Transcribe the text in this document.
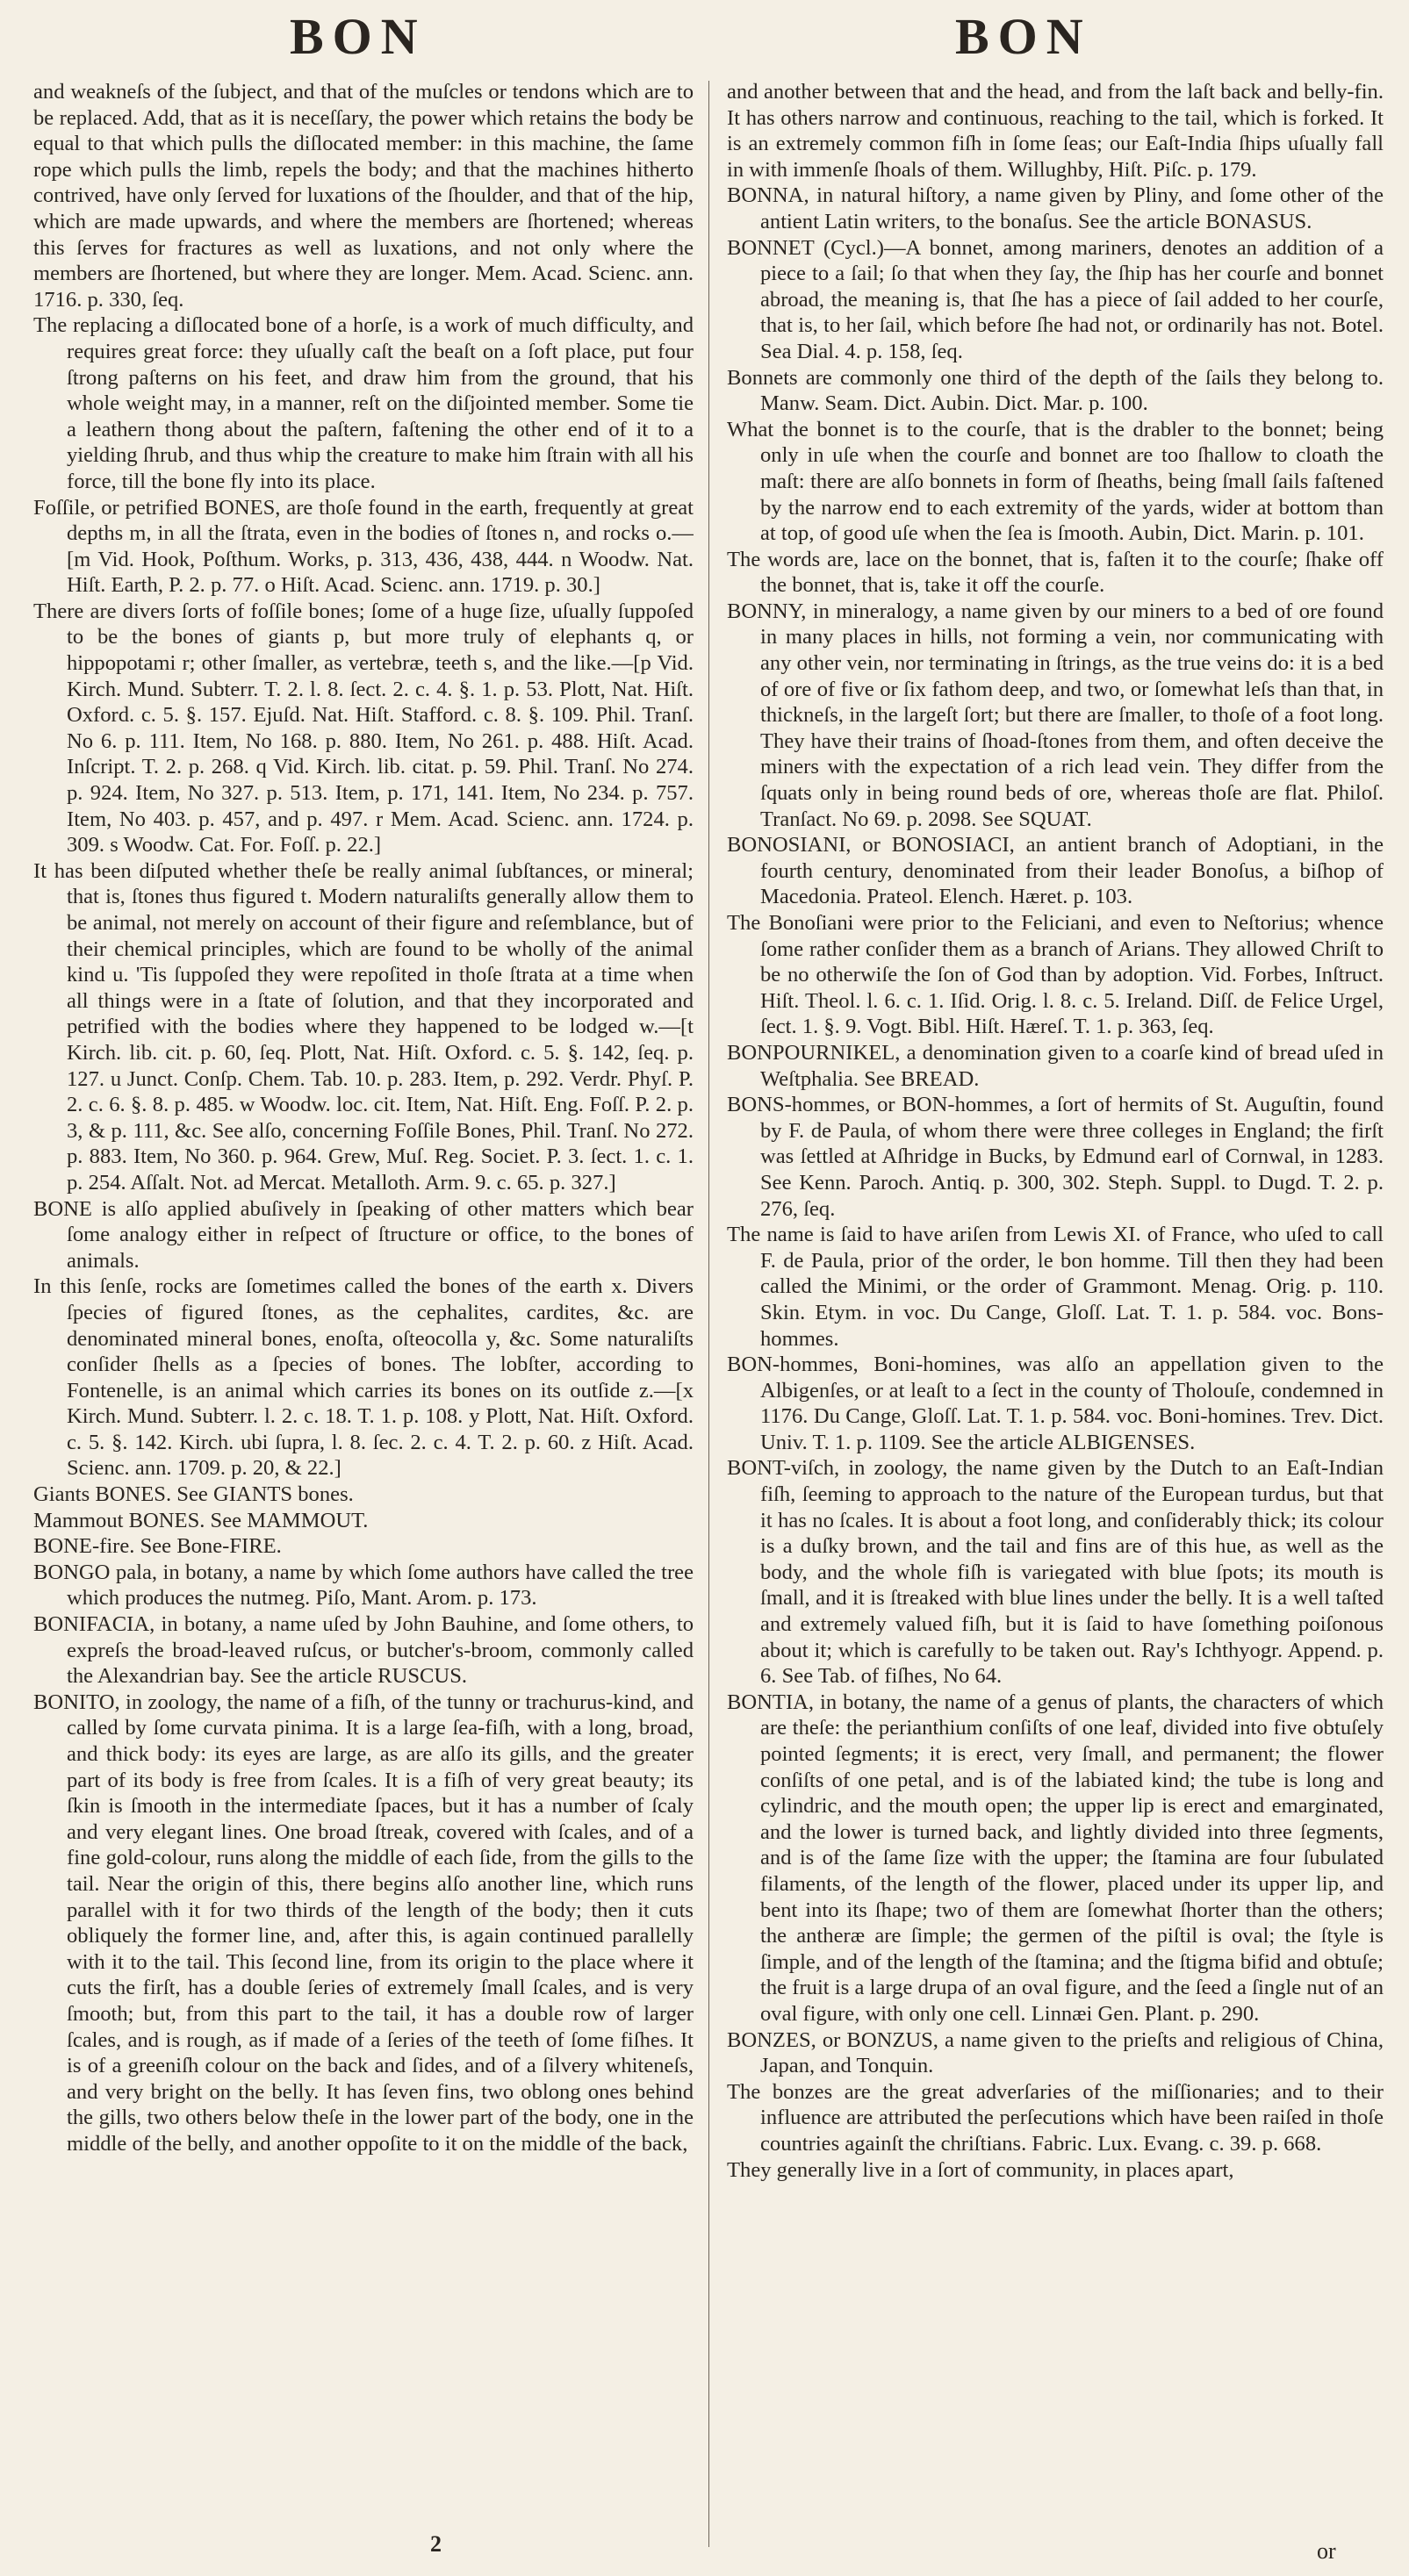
BON	BON

and weakneſs of the ſubject, and that of the muſcles or tendons which are to be replaced. Add, that as it is neceſſary, the power which retains the body be equal to that which pulls the diſlocated member: in this machine, the ſame rope which pulls the limb, repels the body; and that the machines hitherto contrived, have only ſerved for luxations of the ſhoulder, and that of the hip, which are made upwards, and where the members are ſhortened; whereas this ſerves for fractures as well as luxations, and not only where the members are ſhortened, but where they are longer. Mem. Acad. Scienc. ann. 1716. p. 330, ſeq.

The replacing a diſlocated bone of a horſe, is a work of much difficulty, and requires great force: they uſually caſt the beaſt on a ſoft place, put four ſtrong paſterns on his feet, and draw him from the ground, that his whole weight may, in a manner, reſt on the diſjointed member. Some tie a leathern thong about the paſtern, faſtening the other end of it to a yielding ſhrub, and thus whip the creature to make him ſtrain with all his force, till the bone fly into its place.

Foſſile, or petrified BONES, are thoſe found in the earth, frequently at great depths m, in all the ſtrata, even in the bodies of ſtones n, and rocks o.—[m Vid. Hook, Poſthum. Works, p. 313, 436, 438, 444. n Woodw. Nat. Hiſt. Earth, P. 2. p. 77. o Hiſt. Acad. Scienc. ann. 1719. p. 30.]

There are divers ſorts of foſſile bones; ſome of a huge ſize, uſually ſuppoſed to be the bones of giants p, but more truly of elephants q, or hippopotami r; other ſmaller, as vertebræ, teeth s, and the like.—[p Vid. Kirch. Mund. Subterr. T. 2. l. 8. ſect. 2. c. 4. §. 1. p. 53. Plott, Nat. Hiſt. Oxford. c. 5. §. 157. Ejuſd. Nat. Hiſt. Stafford. c. 8. §. 109. Phil. Tranſ. No 6. p. 111. Item, No 168. p. 880. Item, No 261. p. 488. Hiſt. Acad. Inſcript. T. 2. p. 268. q Vid. Kirch. lib. citat. p. 59. Phil. Tranſ. No 274. p. 924. Item, No 327. p. 513. Item, p. 171, 141. Item, No 234. p. 757. Item, No 403. p. 457, and p. 497. r Mem. Acad. Scienc. ann. 1724. p. 309. s Woodw. Cat. For. Foſſ. p. 22.]

It has been diſputed whether theſe be really animal ſubſtances, or mineral; that is, ſtones thus figured t. Modern naturaliſts generally allow them to be animal, not merely on account of their figure and reſemblance, but of their chemical principles, which are found to be wholly of the animal kind u. 'Tis ſuppoſed they were repoſited in thoſe ſtrata at a time when all things were in a ſtate of ſolution, and that they incorporated and petrified with the bodies where they happened to be lodged w.—[t Kirch. lib. cit. p. 60, ſeq. Plott, Nat. Hiſt. Oxford. c. 5. §. 142, ſeq. p. 127. u Junct. Conſp. Chem. Tab. 10. p. 283. Item, p. 292. Verdr. Phyſ. P. 2. c. 6. §. 8. p. 485. w Woodw. loc. cit. Item, Nat. Hiſt. Eng. Foſſ. P. 2. p. 3, & p. 111, &c. See alſo, concerning Foſſile Bones, Phil. Tranſ. No 272. p. 883. Item, No 360. p. 964. Grew, Muſ. Reg. Societ. P. 3. ſect. 1. c. 1. p. 254. Aſſalt. Not. ad Mercat. Metalloth. Arm. 9. c. 65. p. 327.]

BONE is alſo applied abuſively in ſpeaking of other matters which bear ſome analogy either in reſpect of ſtructure or office, to the bones of animals.

In this ſenſe, rocks are ſometimes called the bones of the earth x. Divers ſpecies of figured ſtones, as the cephalites, cardites, &c. are denominated mineral bones, enoſta, oſteocolla y, &c. Some naturaliſts conſider ſhells as a ſpecies of bones. The lobſter, according to Fontenelle, is an animal which carries its bones on its outſide z.—[x Kirch. Mund. Subterr. l. 2. c. 18. T. 1. p. 108. y Plott, Nat. Hiſt. Oxford. c. 5. §. 142. Kirch. ubi ſupra, l. 8. ſec. 2. c. 4. T. 2. p. 60. z Hiſt. Acad. Scienc. ann. 1709. p. 20, & 22.]

Giants BONES. See GIANTS bones.

Mammout BONES. See MAMMOUT.

BONE-fire. See Bone-FIRE.

BONGO pala, in botany, a name by which ſome authors have called the tree which produces the nutmeg. Piſo, Mant. Arom. p. 173.

BONIFACIA, in botany, a name uſed by John Bauhine, and ſome others, to expreſs the broad-leaved ruſcus, or butcher's-broom, commonly called the Alexandrian bay. See the article RUSCUS.

BONITO, in zoology, the name of a fiſh, of the tunny or trachurus-kind, and called by ſome curvata pinima. It is a large ſea-fiſh, with a long, broad, and thick body: its eyes are large, as are alſo its gills, and the greater part of its body is free from ſcales. It is a fiſh of very great beauty; its ſkin is ſmooth in the intermediate ſpaces, but it has a number of ſcaly and very elegant lines. One broad ſtreak, covered with ſcales, and of a fine gold-colour, runs along the middle of each ſide, from the gills to the tail. Near the origin of this, there begins alſo another line, which runs parallel with it for two thirds of the length of the body; then it cuts obliquely the former line, and, after this, is again continued parallelly with it to the tail. This ſecond line, from its origin to the place where it cuts the firſt, has a double ſeries of extremely ſmall ſcales, and is very ſmooth; but, from this part to the tail, it has a double row of larger ſcales, and is rough, as if made of a ſeries of the teeth of ſome fiſhes. It is of a greeniſh colour on the back and ſides, and of a ſilvery whiteneſs, and very bright on the belly. It has ſeven fins, two oblong ones behind the gills, two others below theſe in the lower part of the body, one in the middle of the belly, and another oppoſite to it on the middle of the back,

and another between that and the head, and from the laſt back and belly-fin. It has others narrow and continuous, reaching to the tail, which is forked. It is an extremely common fiſh in ſome ſeas; our Eaſt-India ſhips uſually fall in with immenſe ſhoals of them. Willughby, Hiſt. Piſc. p. 179.

BONNA, in natural hiſtory, a name given by Pliny, and ſome other of the antient Latin writers, to the bonaſus. See the article BONASUS.

BONNET (Cycl.)—A bonnet, among mariners, denotes an addition of a piece to a ſail; ſo that when they ſay, the ſhip has her courſe and bonnet abroad, the meaning is, that ſhe has a piece of ſail added to her courſe, that is, to her ſail, which before ſhe had not, or ordinarily has not. Botel. Sea Dial. 4. p. 158, ſeq.

Bonnets are commonly one third of the depth of the ſails they belong to. Manw. Seam. Dict. Aubin. Dict. Mar. p. 100.

What the bonnet is to the courſe, that is the drabler to the bonnet; being only in uſe when the courſe and bonnet are too ſhallow to cloath the maſt: there are alſo bonnets in form of ſheaths, being ſmall ſails faſtened by the narrow end to each extremity of the yards, wider at bottom than at top, of good uſe when the ſea is ſmooth. Aubin, Dict. Marin. p. 101.

The words are, lace on the bonnet, that is, faſten it to the courſe; ſhake off the bonnet, that is, take it off the courſe.

BONNY, in mineralogy, a name given by our miners to a bed of ore found in many places in hills, not forming a vein, nor communicating with any other vein, nor terminating in ſtrings, as the true veins do: it is a bed of ore of five or ſix fathom deep, and two, or ſomewhat leſs than that, in thickneſs, in the largeſt ſort; but there are ſmaller, to thoſe of a foot long. They have their trains of ſhoad-ſtones from them, and often deceive the miners with the expectation of a rich lead vein. They differ from the ſquats only in being round beds of ore, whereas thoſe are flat. Philoſ. Tranſact. No 69. p. 2098. See SQUAT.

BONOSIANI, or BONOSIACI, an antient branch of Adoptiani, in the fourth century, denominated from their leader Bonoſus, a biſhop of Macedonia. Prateol. Elench. Hæret. p. 103.

The Bonoſiani were prior to the Feliciani, and even to Neſtorius; whence ſome rather conſider them as a branch of Arians. They allowed Chriſt to be no otherwiſe the ſon of God than by adoption. Vid. Forbes, Inſtruct. Hiſt. Theol. l. 6. c. 1. Iſid. Orig. l. 8. c. 5. Ireland. Diſſ. de Felice Urgel, ſect. 1. §. 9. Vogt. Bibl. Hiſt. Hæreſ. T. 1. p. 363, ſeq.

BONPOURNIKEL, a denomination given to a coarſe kind of bread uſed in Weſtphalia. See BREAD.

BONS-hommes, or BON-hommes, a ſort of hermits of St. Auguſtin, found by F. de Paula, of whom there were three colleges in England; the firſt was ſettled at Aſhridge in Bucks, by Edmund earl of Cornwal, in 1283. See Kenn. Paroch. Antiq. p. 300, 302. Steph. Suppl. to Dugd. T. 2. p. 276, ſeq.

The name is ſaid to have ariſen from Lewis XI. of France, who uſed to call F. de Paula, prior of the order, le bon homme. Till then they had been called the Minimi, or the order of Grammont. Menag. Orig. p. 110. Skin. Etym. in voc. Du Cange, Gloſſ. Lat. T. 1. p. 584. voc. Bons-hommes.

BON-hommes, Boni-homines, was alſo an appellation given to the Albigenſes, or at leaſt to a ſect in the county of Tholouſe, condemned in 1176. Du Cange, Gloſſ. Lat. T. 1. p. 584. voc. Boni-homines. Trev. Dict. Univ. T. 1. p. 1109. See the article ALBIGENSES.

BONT-viſch, in zoology, the name given by the Dutch to an Eaſt-Indian fiſh, ſeeming to approach to the nature of the European turdus, but that it has no ſcales. It is about a foot long, and conſiderably thick; its colour is a duſky brown, and the tail and fins are of this hue, as well as the body, and the whole fiſh is variegated with blue ſpots; its mouth is ſmall, and it is ſtreaked with blue lines under the belly. It is a well taſted and extremely valued fiſh, but it is ſaid to have ſomething poiſonous about it; which is carefully to be taken out. Ray's Ichthyogr. Append. p. 6. See Tab. of fiſhes, No 64.

BONTIA, in botany, the name of a genus of plants, the characters of which are theſe: the perianthium conſiſts of one leaf, divided into five obtuſely pointed ſegments; it is erect, very ſmall, and permanent; the flower conſiſts of one petal, and is of the labiated kind; the tube is long and cylindric, and the mouth open; the upper lip is erect and emarginated, and the lower is turned back, and lightly divided into three ſegments, and is of the ſame ſize with the upper; the ſtamina are four ſubulated filaments, of the length of the flower, placed under its upper lip, and bent into its ſhape; two of them are ſomewhat ſhorter than the others; the antheræ are ſimple; the germen of the piſtil is oval; the ſtyle is ſimple, and of the length of the ſtamina; and the ſtigma bifid and obtuſe; the fruit is a large drupa of an oval figure, and the ſeed a ſingle nut of an oval figure, with only one cell. Linnæi Gen. Plant. p. 290.

BONZES, or BONZUS, a name given to the prieſts and religious of China, Japan, and Tonquin.

The bonzes are the great adverſaries of the miſſionaries; and to their influence are attributed the perſecutions which have been raiſed in thoſe countries againſt the chriſtians. Fabric. Lux. Evang. c. 39. p. 668.

They generally live in a ſort of community, in places apart,

2	or
